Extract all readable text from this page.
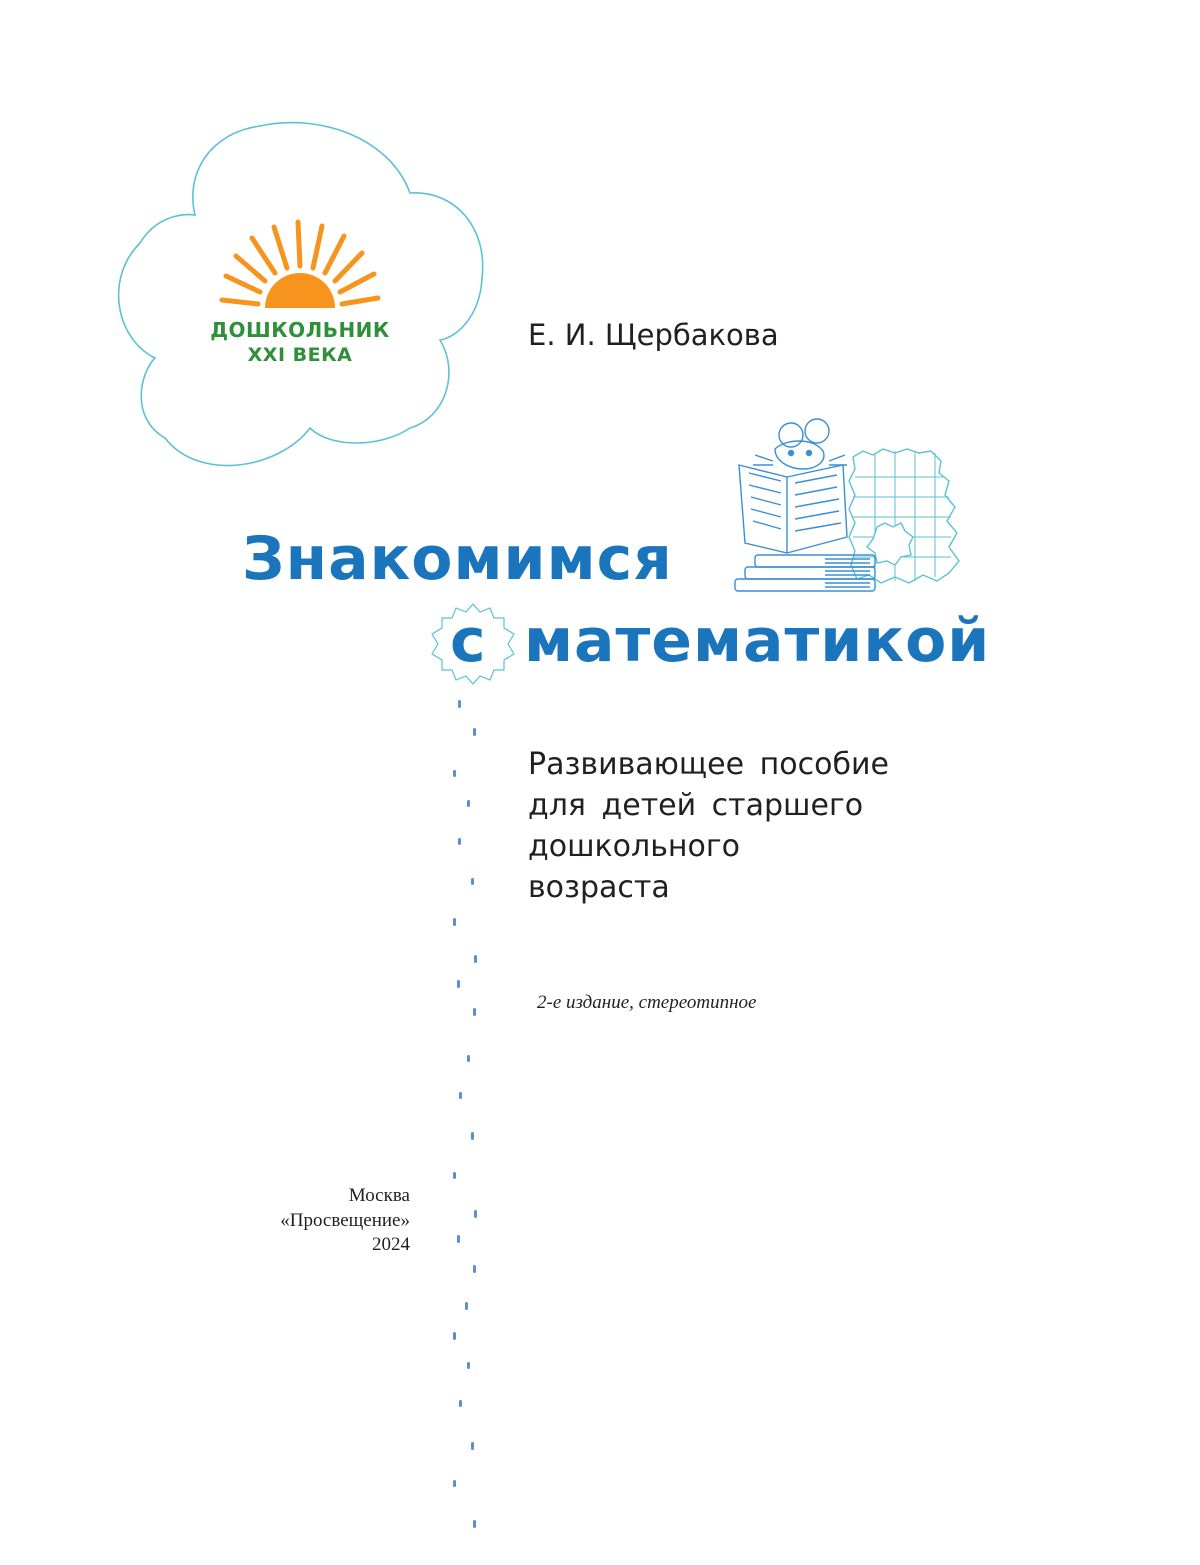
ДОШКОЛЬНИК
XXI ВЕКА
Е. И. Щербакова
Знакомимся
с математикой
Развивающее пособие
для детей старшего
дошкольного
возраста
2-е издание, стереотипное
Москва
«Просвещение»
2024
